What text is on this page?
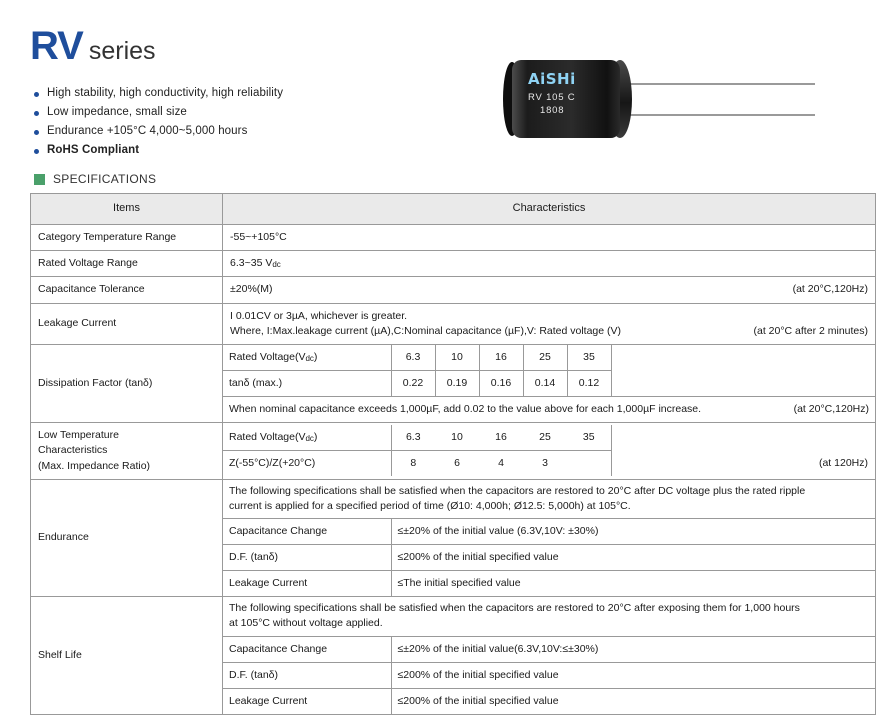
RV series
High stability, high conductivity, high reliability
Low impedance, small size
Endurance +105°C 4,000~5,000 hours
RoHS Compliant
AiSHi
RV 105 C
1808
SPECIFICATIONS
Items	Characteristics
Category Temperature Range	-55~+105°C
Rated Voltage Range	6.3~35 Vdc
Capacitance Tolerance	±20%(M)	(at 20°C,120Hz)

Leakage Current	
I 0.01CV or 3µA, whichever is greater.
Where, I:Max.leakage current (µA),C:Nominal capacitance (µF),V: Rated voltage (V)	(at 20°C after 2 minutes)

Dissipation Factor (tanδ)	
Rated Voltage(Vdc)	6.3	10	16	25	35	
tanδ (max.)	0.22	0.19	0.16	0.14	0.12	

When nominal capacitance exceeds 1,000µF, add 0.02 to the value above for each 1,000µF increase.	(at 20°C,120Hz)

Low Temperature
Characteristics
(Max. Impedance Ratio)

Rated Voltage(Vdc)	6.3	10	16	25	35	
Z(-55°C)/Z(+20°C)	8	6	4	3		(at 120Hz)

Endurance	
The following specifications shall be satisfied when the capacitors are restored to 20°C after DC voltage plus the rated ripple
current is applied for a specified period of time (Ø10: 4,000h; Ø12.5: 5,000h) at 105°C.

Capacitance Change	≤±20% of the initial value (6.3V,10V: ±30%)
D.F. (tanδ)	≤200% of the initial specified value
Leakage Current	≤The initial specified value

Shelf Life	
The following specifications shall be satisfied when the capacitors are restored to 20°C after exposing them for 1,000 hours
at 105°C without voltage applied.

Capacitance Change	≤±20% of the initial value(6.3V,10V:≤±30%)
D.F. (tanδ)	≤200% of the initial specified value
Leakage Current	≤200% of the initial specified value
